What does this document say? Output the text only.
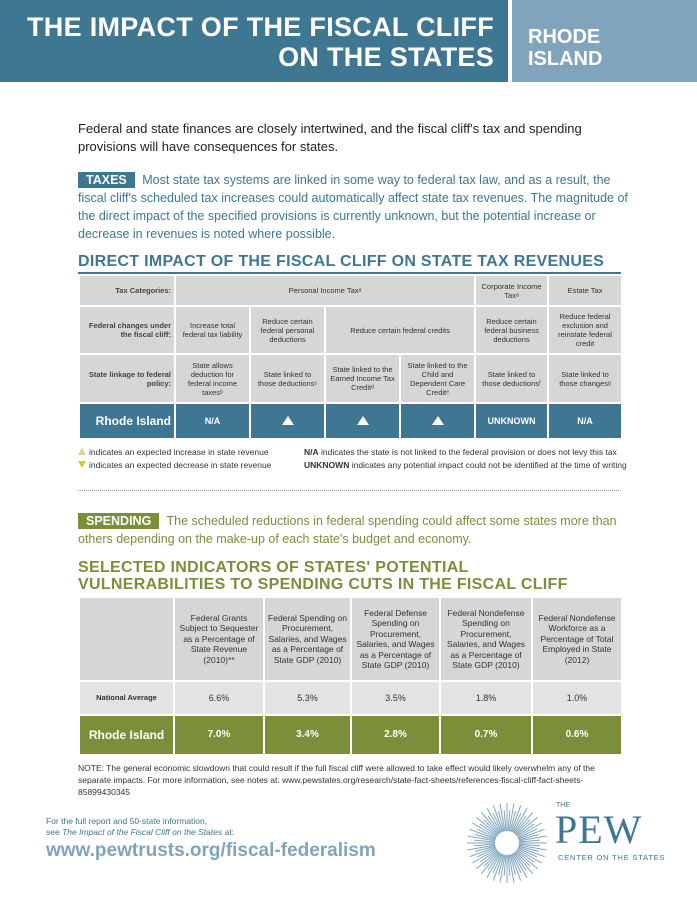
THE IMPACT OF THE FISCAL CLIFF
ON THE STATES
RHODE
ISLAND
Federal and state finances are closely intertwined, and the fiscal cliff's tax and spending provisions will have consequences for states.
TAXES Most state tax systems are linked in some way to federal tax law, and as a result, the fiscal cliff's scheduled tax increases could automatically affect state tax revenues. The magnitude of the direct impact of the specified provisions is currently unknown, but the potential increase or decrease in revenues is noted where possible.
DIRECT IMPACT OF THE FISCAL CLIFF ON STATE TAX REVENUES
Tax Categories:	Personal Income Taxᵃ				Corporate Income Taxᵃ	Estate Tax
Federal changes under the fiscal cliff:	Increase total federal tax liability	Reduce certain federal personal deductions	Reduce certain federal credits		Reduce certain federal business deductions	Reduce federal exclusion and reinstate federal credit
State linkage to federal policy:	State allows deduction for federal income taxesᵇ	State linked to those deductionsᶜ	State linked to the Earned Income Tax Creditᵈ	State linked to the Child and Dependent Care Creditᵉ	State linked to those deductionsᶠ	State linked to those changesᵍ
Rhode Island	N/A				UNKNOWN	N/A
indicates an expected increase in state revenue
indicates an expected decrease in state revenue
N/A indicates the state is not linked to the federal provision or does not levy this tax
UNKNOWN indicates any potential impact could not be identified at the time of writing
SPENDING The scheduled reductions in federal spending could affect some states more than others depending on the make-up of each state's budget and economy.
SELECTED INDICATORS OF STATES' POTENTIAL
VULNERABILITIES TO SPENDING CUTS IN THE FISCAL CLIFF
	Federal Grants Subject to Sequester as a Percentage of State Revenue (2010)**	Federal Spending on Procurement, Salaries, and Wages as a Percentage of State GDP (2010)	Federal Defense Spending on Procurement, Salaries, and Wages as a Percentage of State GDP (2010)	Federal Nondefense Spending on Procurement, Salaries, and Wages as a Percentage of State GDP (2010)	Federal Nondefense Workforce as a Percentage of Total Employed in State (2012)
National Average	6.6%	5.3%	3.5%	1.8%	1.0%
Rhode Island	7.0%	3.4%	2.8%	0.7%	0.6%
NOTE: The general economic slowdown that could result if the full fiscal cliff were allowed to take effect would likely overwhelm any of the separate impacts. For more information, see notes at: www.pewstates.org/research/state-fact-sheets/references-fiscal-cliff-fact-sheets-85899430345
For the full report and 50-state information,
see The Impact of the Fiscal Cliff on the States at:
www.pewtrusts.org/fiscal-federalism
THE
PEW
CENTER ON THE STATES
